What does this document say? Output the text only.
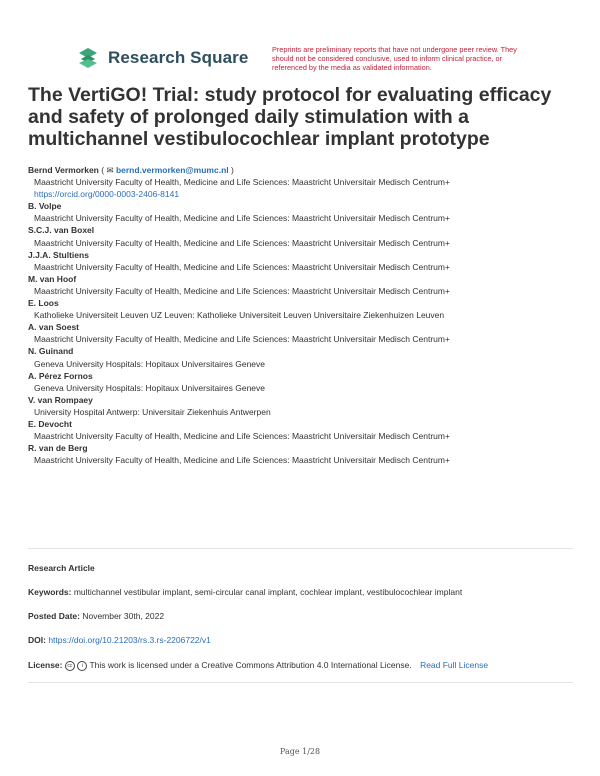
Research Square	Preprints are preliminary reports that have not undergone peer review. They should not be considered conclusive, used to inform clinical practice, or referenced by the media as validated information.
The VertiGO! Trial: study protocol for evaluating efficacy and safety of prolonged daily stimulation with a multichannel vestibulocochlear implant prototype
Bernd Vermorken ( ✉ bernd.vermorken@mumc.nl )
Maastricht University Faculty of Health, Medicine and Life Sciences: Maastricht Universitair Medisch Centrum+
https://orcid.org/0000-0003-2406-8141
B. Volpe
Maastricht University Faculty of Health, Medicine and Life Sciences: Maastricht Universitair Medisch Centrum+
S.C.J. van Boxel
Maastricht University Faculty of Health, Medicine and Life Sciences: Maastricht Universitair Medisch Centrum+
J.J.A. Stultiens
Maastricht University Faculty of Health, Medicine and Life Sciences: Maastricht Universitair Medisch Centrum+
M. van Hoof
Maastricht University Faculty of Health, Medicine and Life Sciences: Maastricht Universitair Medisch Centrum+
E. Loos
Katholieke Universiteit Leuven UZ Leuven: Katholieke Universiteit Leuven Universitaire Ziekenhuizen Leuven
A. van Soest
Maastricht University Faculty of Health, Medicine and Life Sciences: Maastricht Universitair Medisch Centrum+
N. Guinand
Geneva University Hospitals: Hopitaux Universitaires Geneve
A. Pérez Fornos
Geneva University Hospitals: Hopitaux Universitaires Geneve
V. van Rompaey
University Hospital Antwerp: Universitair Ziekenhuis Antwerpen
E. Devocht
Maastricht University Faculty of Health, Medicine and Life Sciences: Maastricht Universitair Medisch Centrum+
R. van de Berg
Maastricht University Faculty of Health, Medicine and Life Sciences: Maastricht Universitair Medisch Centrum+
Research Article
Keywords: multichannel vestibular implant, semi-circular canal implant, cochlear implant, vestibulocochlear implant
Posted Date: November 30th, 2022
DOI: https://doi.org/10.21203/rs.3.rs-2206722/v1
License: cc i This work is licensed under a Creative Commons Attribution 4.0 International License. Read Full License
Page 1/28
